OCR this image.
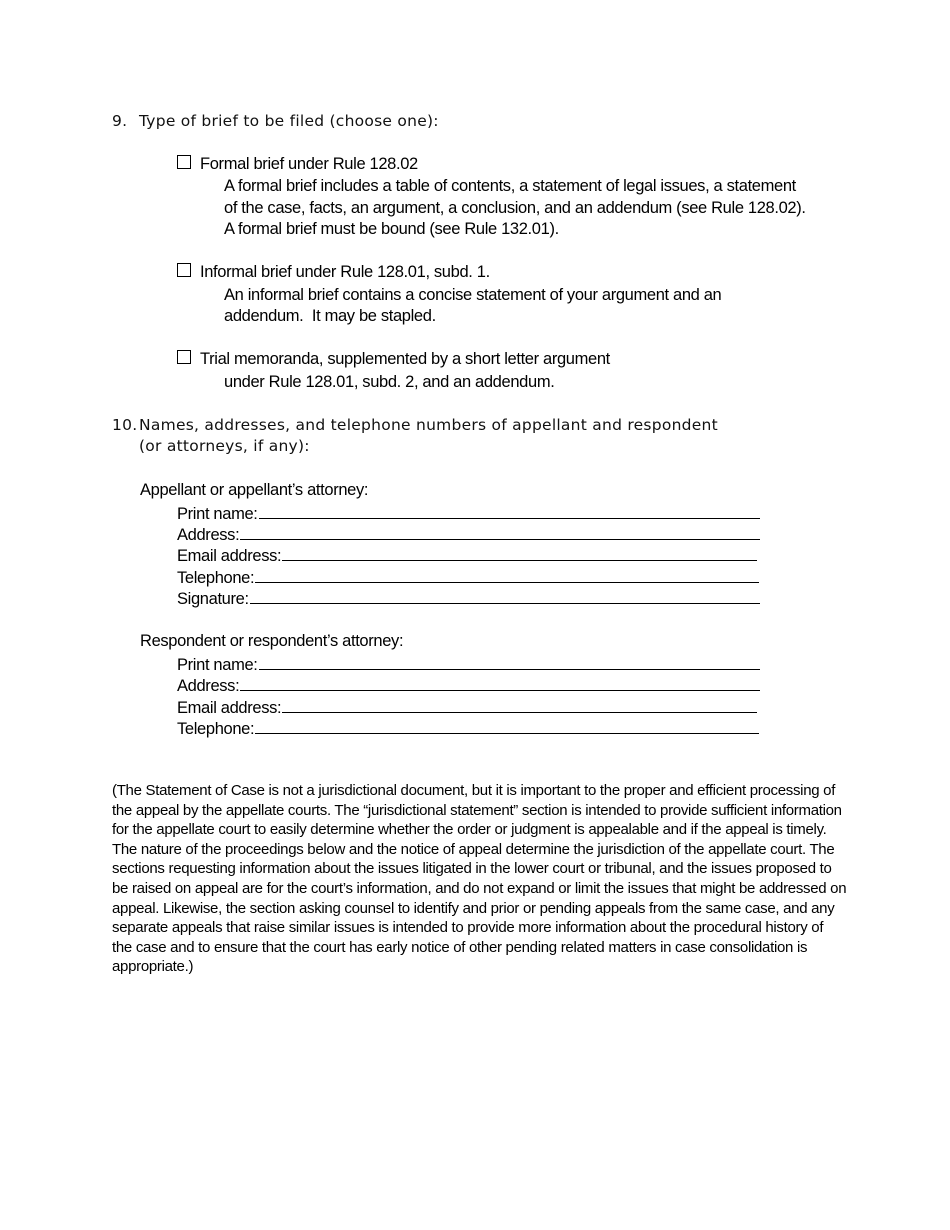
9. Type of brief to be filed (choose one):
Formal brief under Rule 128.02
A formal brief includes a table of contents, a statement of legal issues, a statement
of the case, facts, an argument, a conclusion, and an addendum (see Rule 128.02).
A formal brief must be bound (see Rule 132.01).
Informal brief under Rule 128.01, subd. 1.
An informal brief contains a concise statement of your argument and an
addendum.  It may be stapled.
Trial memoranda, supplemented by a short letter argument
under Rule 128.01, subd. 2, and an addendum.
10. Names, addresses, and telephone numbers of appellant and respondent
(or attorneys, if any):
Appellant or appellant’s attorney:
Print name:
Address:
Email address:
Telephone:
Signature:
Respondent or respondent’s attorney:
Print name:
Address:
Email address:
Telephone:
(The Statement of Case is not a jurisdictional document, but it is important to the proper and efficient processing of the appeal by the appellate courts. The “jurisdictional statement” section is intended to provide sufficient information for the appellate court to easily determine whether the order or judgment is appealable and if the appeal is timely. The nature of the proceedings below and the notice of appeal determine the jurisdiction of the appellate court. The sections requesting information about the issues litigated in the lower court or tribunal, and the issues proposed to be raised on appeal are for the court’s information, and do not expand or limit the issues that might be addressed on appeal. Likewise, the section asking counsel to identify and prior or pending appeals from the same case, and any separate appeals that raise similar issues is intended to provide more information about the procedural history of the case and to ensure that the court has early notice of other pending related matters in case consolidation is appropriate.)
